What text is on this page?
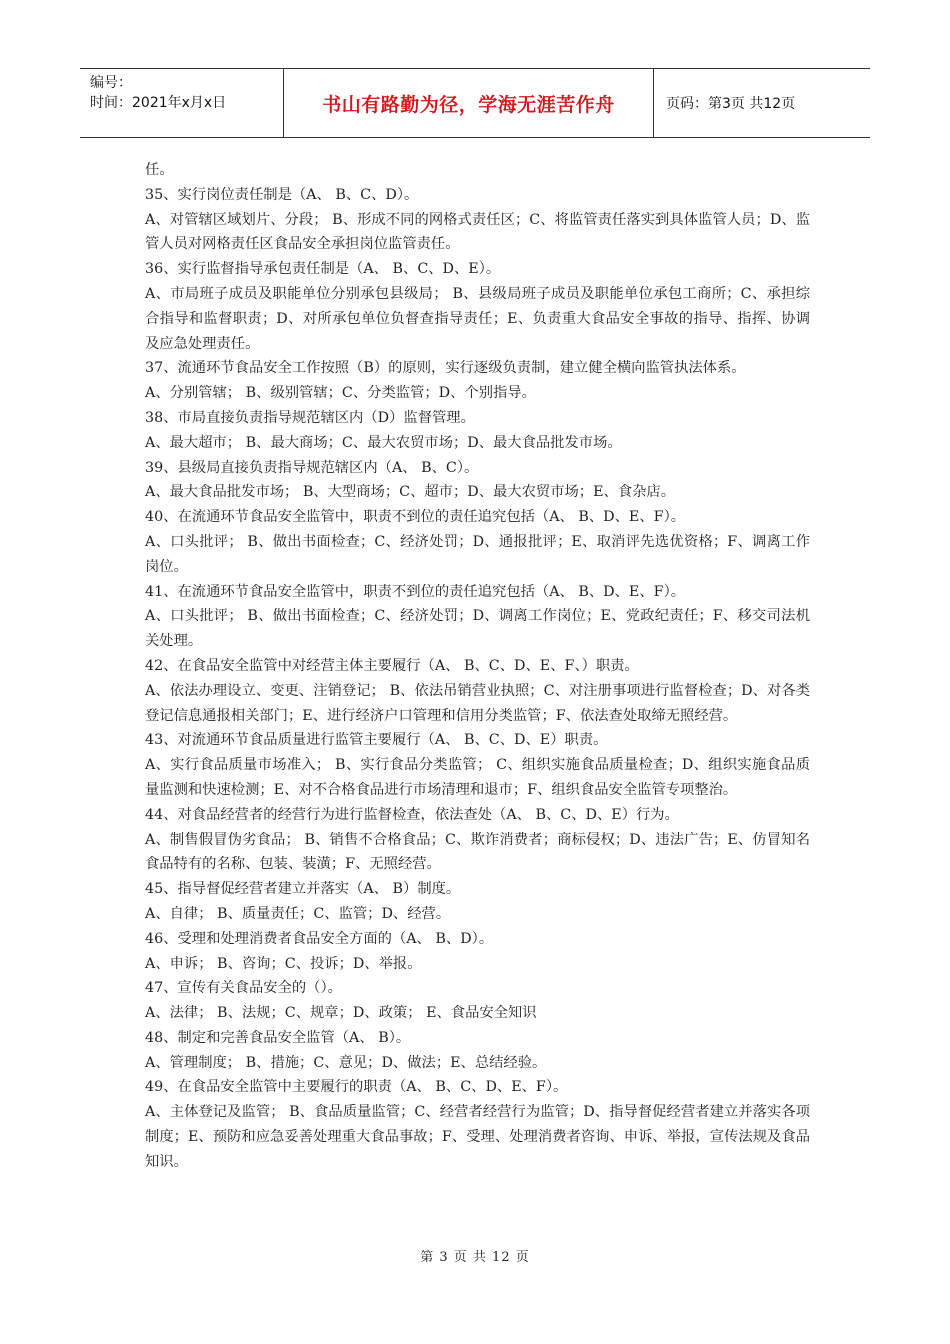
编号：
时间：2021年x月x日	书山有路勤为径，学海无涯苦作舟	页码：第3页 共12页

任。

35、实行岗位责任制是（A、 B、C、D）。

A、对管辖区域划片、分段； B、形成不同的网格式责任区；C、将监管责任落实到具体监管人员；D、监管人员对网格责任区食品安全承担岗位监管责任。

36、实行监督指导承包责任制是（A、 B、C、D、E）。

A、市局班子成员及职能单位分别承包县级局； B、县级局班子成员及职能单位承包工商所；C、承担综合指导和监督职责；D、对所承包单位负督查指导责任；E、负责重大食品安全事故的指导、指挥、协调及应急处理责任。

37、流通环节食品安全工作按照（B）的原则，实行逐级负责制，建立健全横向监管执法体系。

A、分别管辖； B、级别管辖；C、分类监管；D、个别指导。

38、市局直接负责指导规范辖区内（D）监督管理。

A、最大超市； B、最大商场；C、最大农贸市场；D、最大食品批发市场。

39、县级局直接负责指导规范辖区内（A、 B、C）。

A、最大食品批发市场； B、大型商场；C、超市；D、最大农贸市场；E、食杂店。

40、在流通环节食品安全监管中，职责不到位的责任追究包括（A、 B、D、E、F）。

A、口头批评； B、做出书面检查；C、经济处罚；D、通报批评；E、取消评先选优资格；F、调离工作岗位。

41、在流通环节食品安全监管中，职责不到位的责任追究包括（A、 B、D、E、F）。

A、口头批评； B、做出书面检查；C、经济处罚；D、调离工作岗位；E、党政纪责任；F、移交司法机关处理。

42、在食品安全监管中对经营主体主要履行（A、 B、C、D、E、F、）职责。

A、依法办理设立、变更、注销登记； B、依法吊销营业执照；C、对注册事项进行监督检查；D、对各类登记信息通报相关部门；E、进行经济户口管理和信用分类监管；F、依法查处取缔无照经营。

43、对流通环节食品质量进行监管主要履行（A、 B、C、D、E）职责。

A、实行食品质量市场准入； B、实行食品分类监管； C、组织实施食品质量检查；D、组织实施食品质量监测和快速检测；E、对不合格食品进行市场清理和退市；F、组织食品安全监管专项整治。

44、对食品经营者的经营行为进行监督检查，依法查处（A、 B、C、D、E）行为。

A、制售假冒伪劣食品； B、销售不合格食品；C、欺诈消费者；商标侵权；D、违法广告；E、仿冒知名食品特有的名称、包装、装潢；F、无照经营。

45、指导督促经营者建立并落实（A、 B）制度。

A、自律； B、质量责任；C、监管；D、经营。

46、受理和处理消费者食品安全方面的（A、 B、D）。

A、申诉； B、咨询；C、投诉；D、举报。

47、宣传有关食品安全的（）。

A、法律； B、法规；C、规章；D、政策； E、食品安全知识

48、制定和完善食品安全监管（A、 B）。

A、管理制度； B、措施；C、意见；D、做法；E、总结经验。

49、在食品安全监管中主要履行的职责（A、 B、C、D、E、F）。

A、主体登记及监管； B、食品质量监管；C、经营者经营行为监管；D、指导督促经营者建立并落实各项制度；E、预防和应急妥善处理重大食品事故；F、受理、处理消费者咨询、申诉、举报，宣传法规及食品知识。

第 3 页 共 12 页
